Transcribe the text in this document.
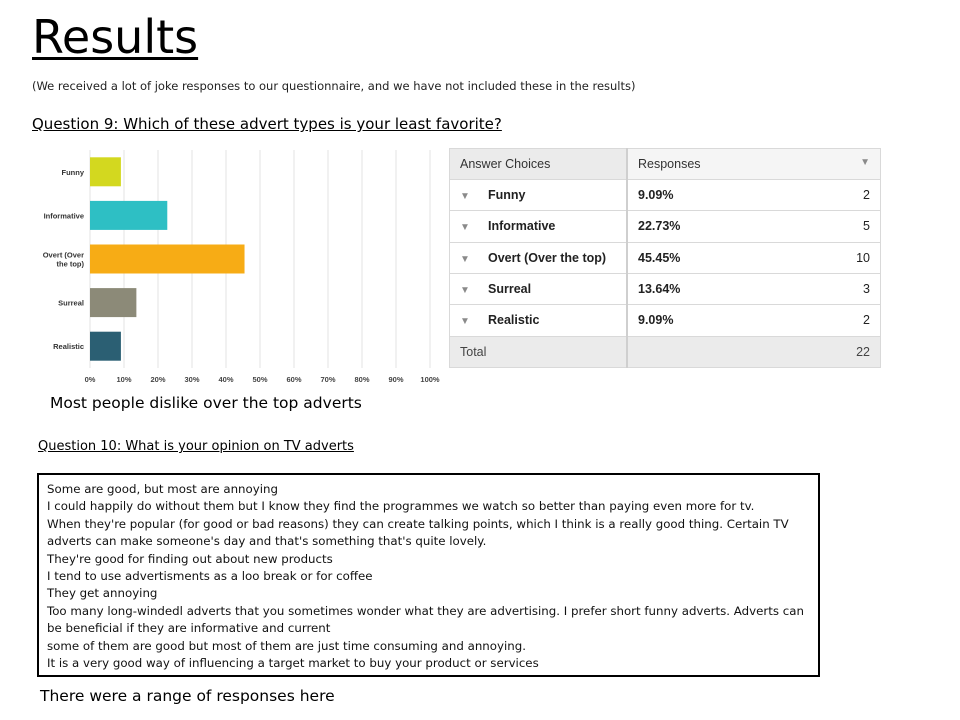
Results
(We received a lot of joke responses to our questionnaire, and we have not included these in the results)
Question 9: Which of these advert types is your least favorite?
0%	10%	20%	30%	40%	50%	60%	70%	80%	90% 100%
Funny
Informative
Overt (Over
the top)
Surreal
Realistic
Answer Choices	Responses ▼	

▼ Funny	9.09%	2
▼ Informative	22.73%	5
▼ Overt (Over the top)	45.45%	10
▼ Surreal	13.64%	3
▼ Realistic	9.09%	2
Total		22
Most people dislike over the top adverts
Question 10: What is your opinion on TV adverts
Some are good, but most are annoying
I could happily do without them but I know they find the programmes we watch so better than paying even more for tv.
When they're popular (for good or bad reasons) they can create talking points, which I think is a really good thing. Certain TV adverts can make someone's day and that's something that's quite lovely.
They're good for finding out about new products
I tend to use advertisments as a loo break or for coffee
They get annoying
Too many long-windedl adverts that you sometimes wonder what they are advertising. I prefer short funny adverts. Adverts can be beneficial if they are informative and current
some of them are good but most of them are just time consuming and annoying.
It is a very good way of influencing a target market to buy your product or services
There were a range of responses here
